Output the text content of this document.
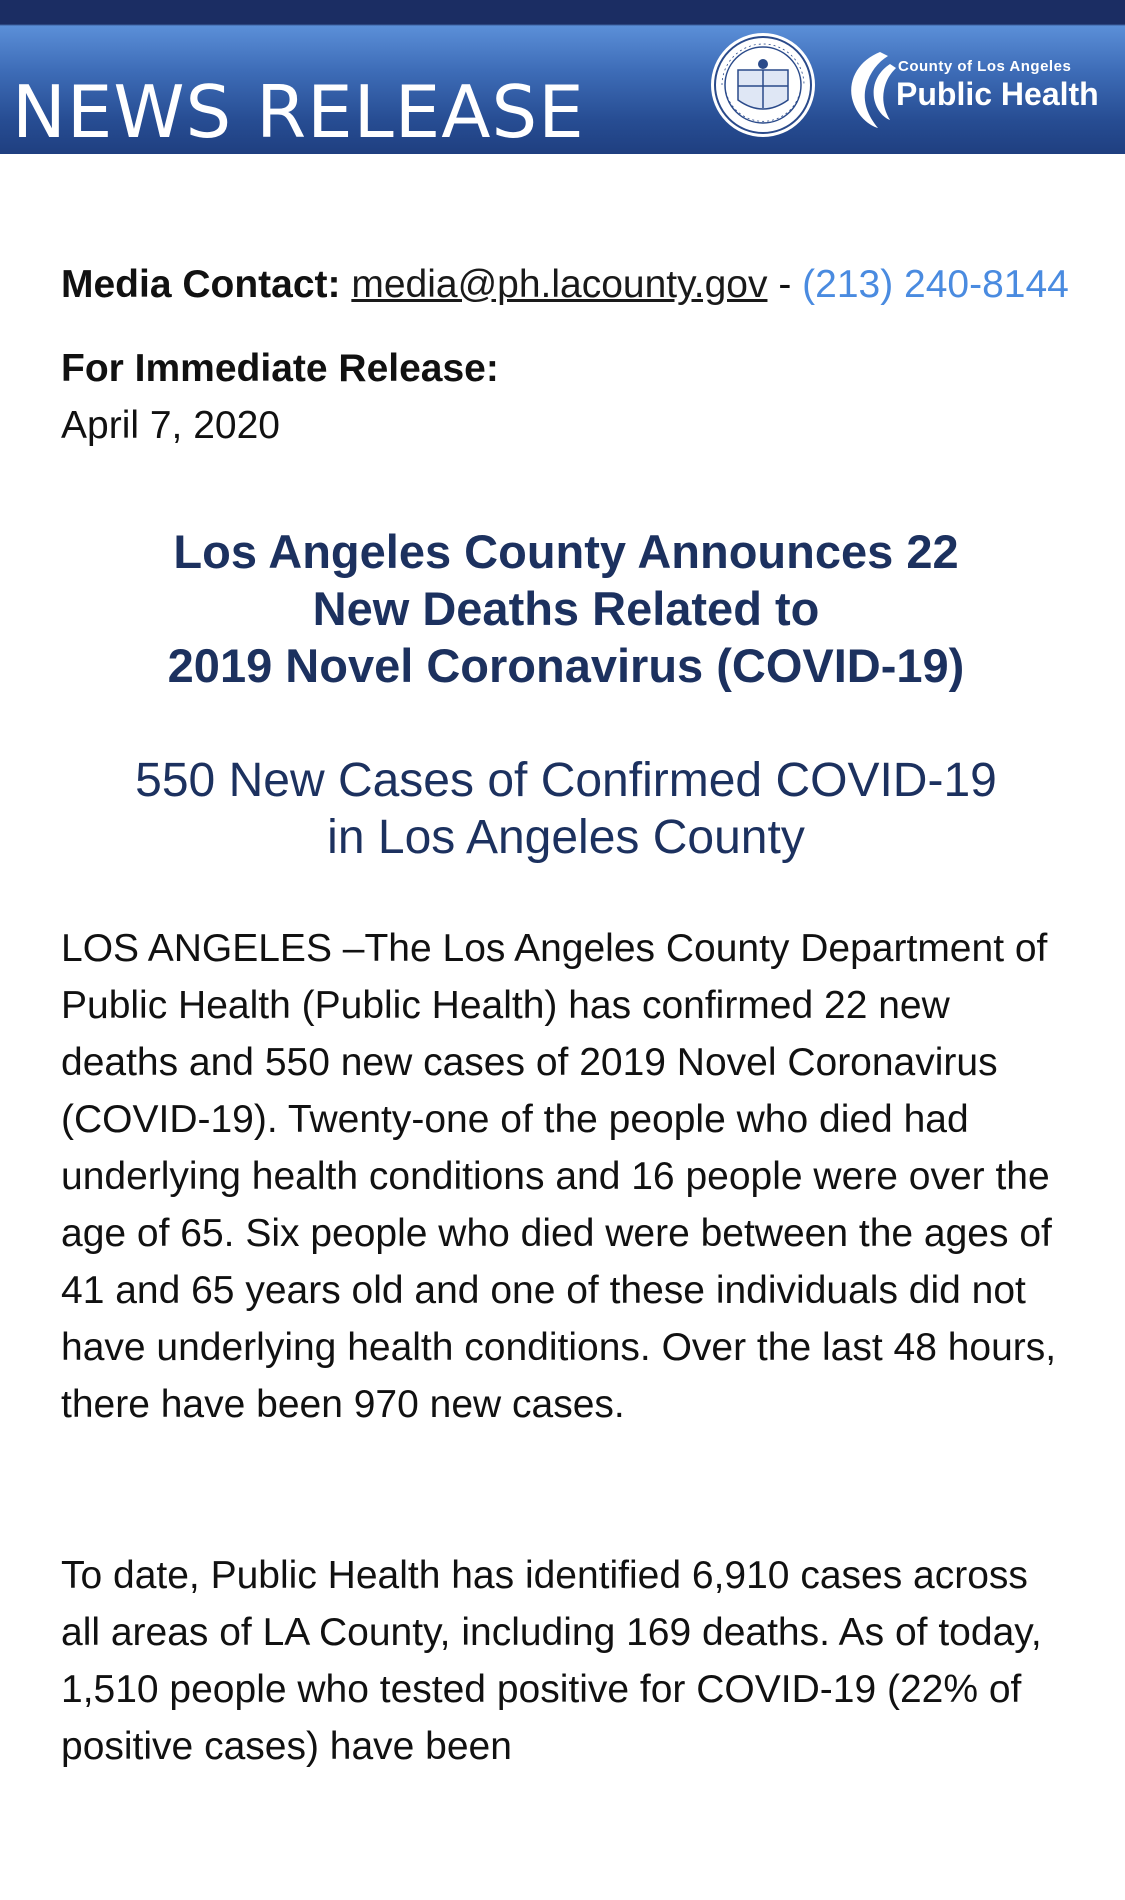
NEWS RELEASE
County of Los Angeles
Public Health

Media Contact: media@ph.lacounty.gov - (213) 240-8144

For Immediate Release:
April 7, 2020
Los Angeles County Announces 22
New Deaths Related to
2019 Novel Coronavirus (COVID-19)
550 New Cases of Confirmed COVID-19
in Los Angeles County
LOS ANGELES –The Los Angeles County Department of Public Health (Public Health) has confirmed 22 new deaths and 550 new cases of 2019 Novel Coronavirus (COVID-19). Twenty-one of the people who died had underlying health conditions and 16 people were over the age of 65. Six people who died were between the ages of 41 and 65 years old and one of these individuals did not have underlying health conditions. Over the last 48 hours, there have been 970 new cases.
To date, Public Health has identified 6,910 cases across all areas of LA County, including 169 deaths. As of today, 1,510 people who tested positive for COVID-19 (22% of positive cases) have been
